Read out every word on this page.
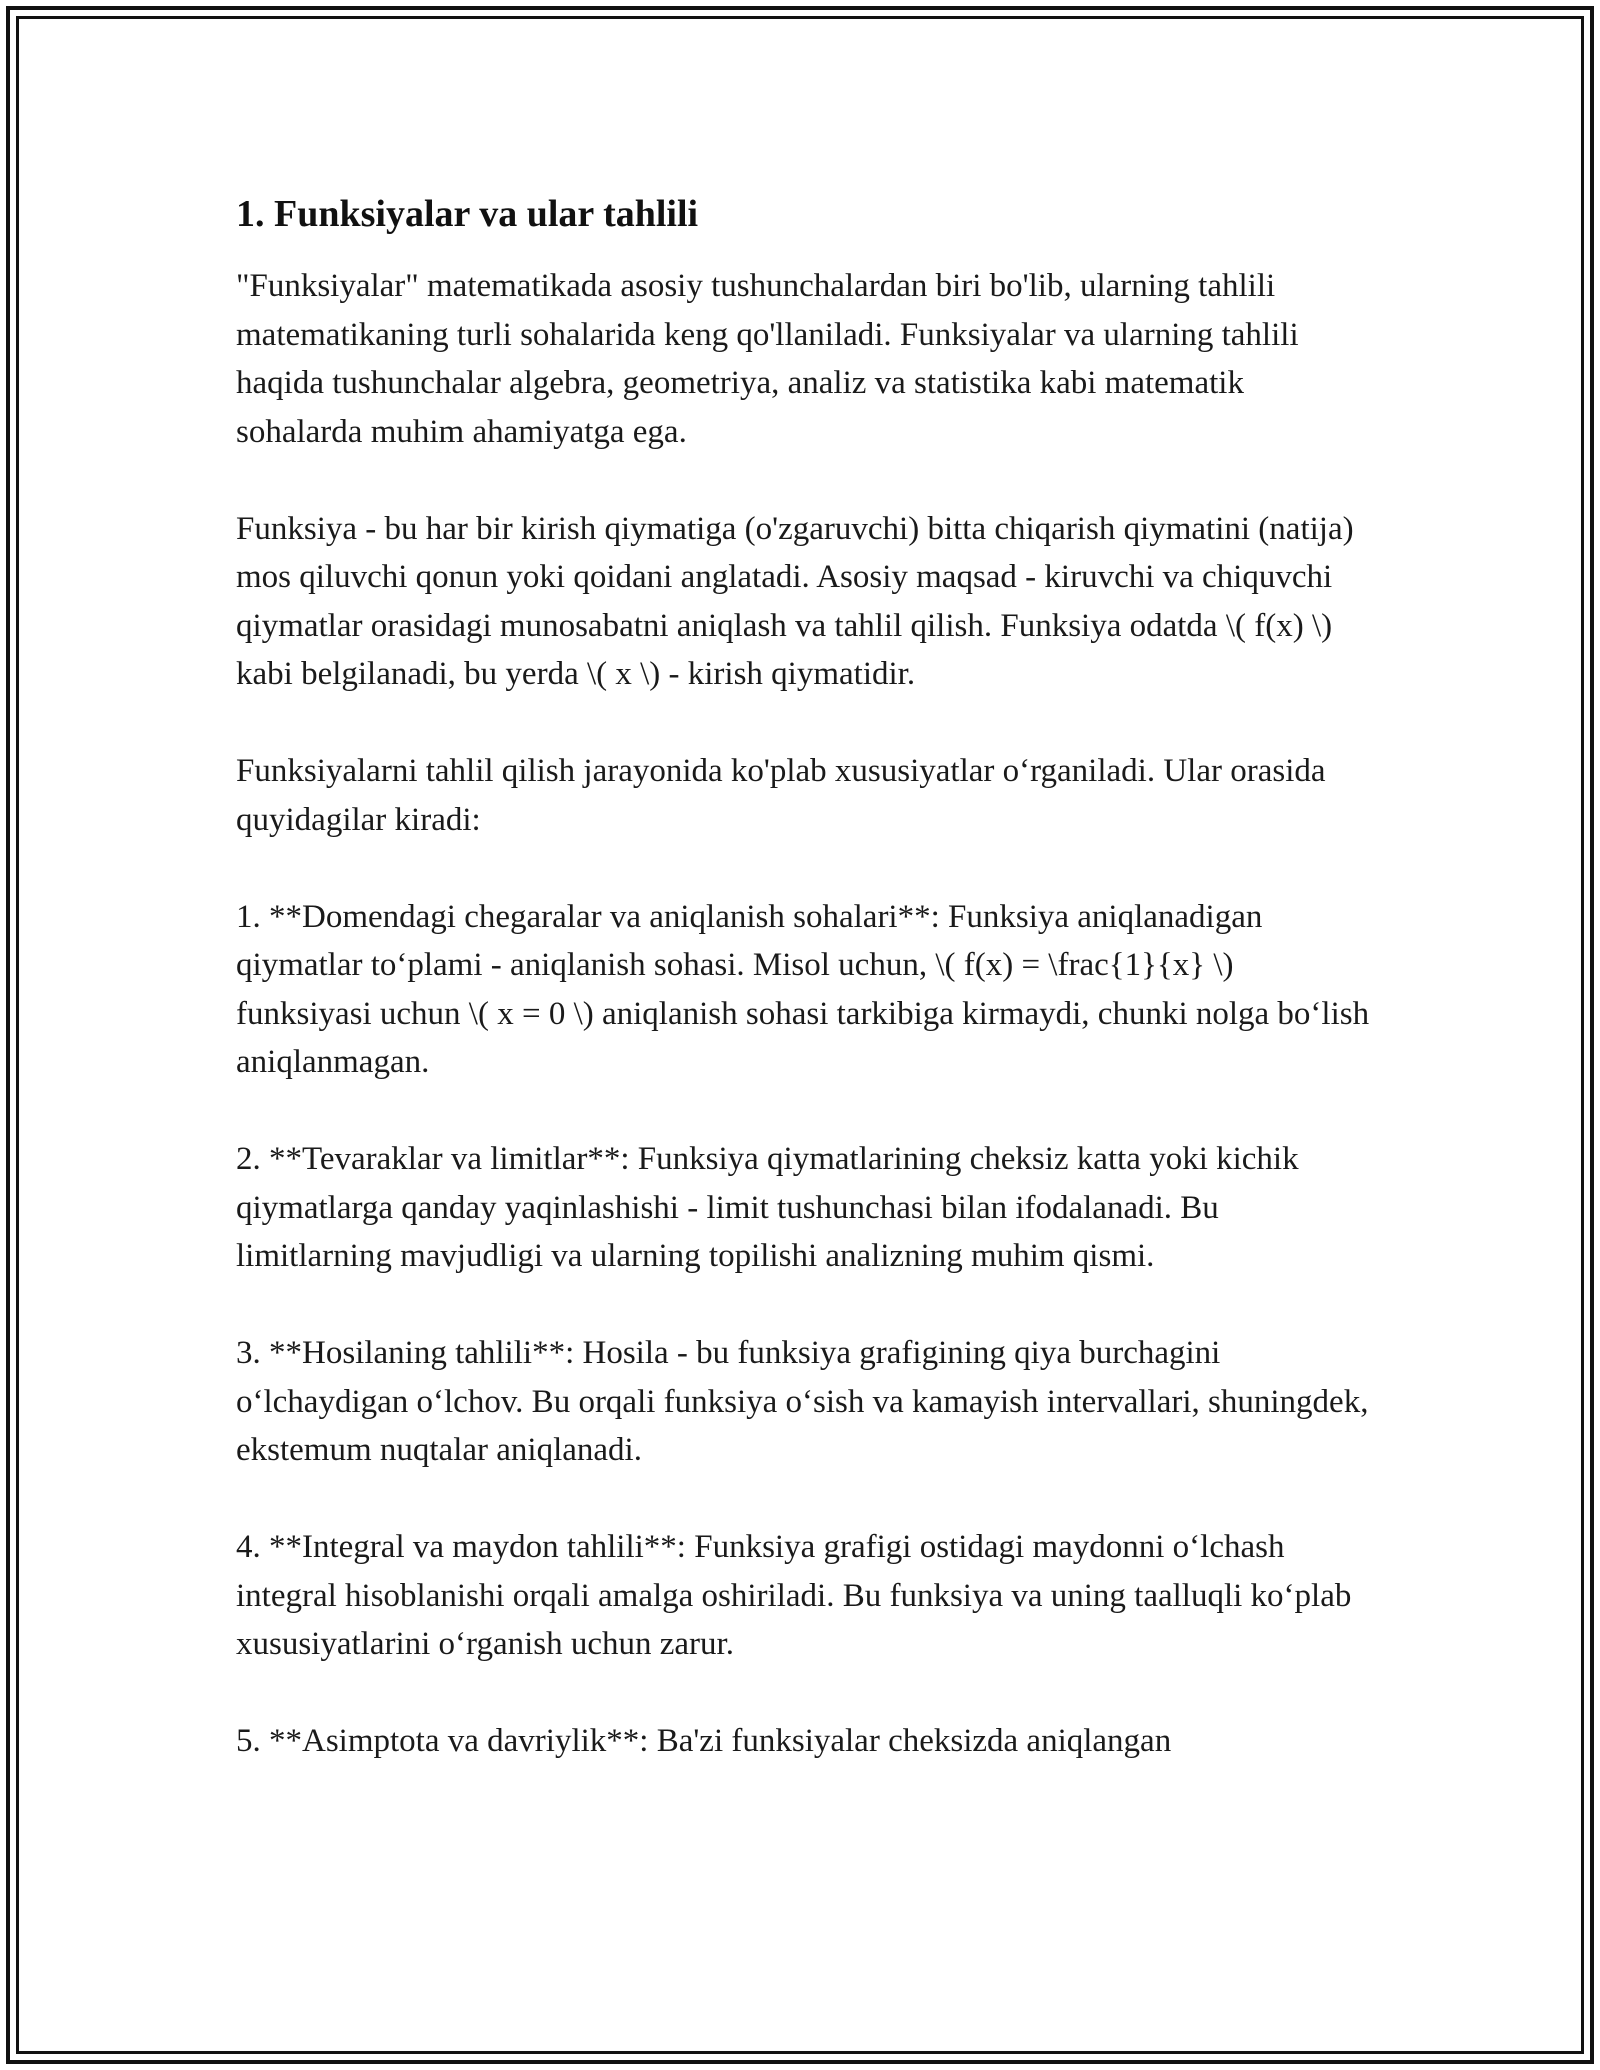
1. Funksiyalar va ular tahlili

"Funksiyalar" matematikada asosiy tushunchalardan biri bo'lib, ularning tahlili matematikaning turli sohalarida keng qo'llaniladi. Funksiyalar va ularning tahlili haqida tushunchalar algebra, geometriya, analiz va statistika kabi matematik sohalarda muhim ahamiyatga ega.

Funksiya - bu har bir kirish qiymatiga (o'zgaruvchi) bitta chiqarish qiymatini (natija) mos qiluvchi qonun yoki qoidani anglatadi. Asosiy maqsad - kiruvchi va chiquvchi qiymatlar orasidagi munosabatni aniqlash va tahlil qilish. Funksiya odatda \( f(x) \) kabi belgilanadi, bu yerda \( x \) - kirish qiymatidir.

Funksiyalarni tahlil qilish jarayonida ko'plab xususiyatlar o‘rganiladi. Ular orasida quyidagilar kiradi:

1. **Domendagi chegaralar va aniqlanish sohalari**: Funksiya aniqlanadigan qiymatlar to‘plami - aniqlanish sohasi. Misol uchun, \( f(x) = \frac{1}{x} \) funksiyasi uchun \( x = 0 \) aniqlanish sohasi tarkibiga kirmaydi, chunki nolga bo‘lish aniqlanmagan.

2. **Tevaraklar va limitlar**: Funksiya qiymatlarining cheksiz katta yoki kichik qiymatlarga qanday yaqinlashishi - limit tushunchasi bilan ifodalanadi. Bu limitlarning mavjudligi va ularning topilishi analizning muhim qismi.

3. **Hosilaning tahlili**: Hosila - bu funksiya grafigining qiya burchagini o‘lchaydigan o‘lchov. Bu orqali funksiya o‘sish va kamayish intervallari, shuningdek, ekstemum nuqtalar aniqlanadi.

4. **Integral va maydon tahlili**: Funksiya grafigi ostidagi maydonni o‘lchash integral hisoblanishi orqali amalga oshiriladi. Bu funksiya va uning taalluqli ko‘plab xususiyatlarini o‘rganish uchun zarur.

5. **Asimptota va davriylik**: Ba'zi funksiyalar cheksizda aniqlangan
